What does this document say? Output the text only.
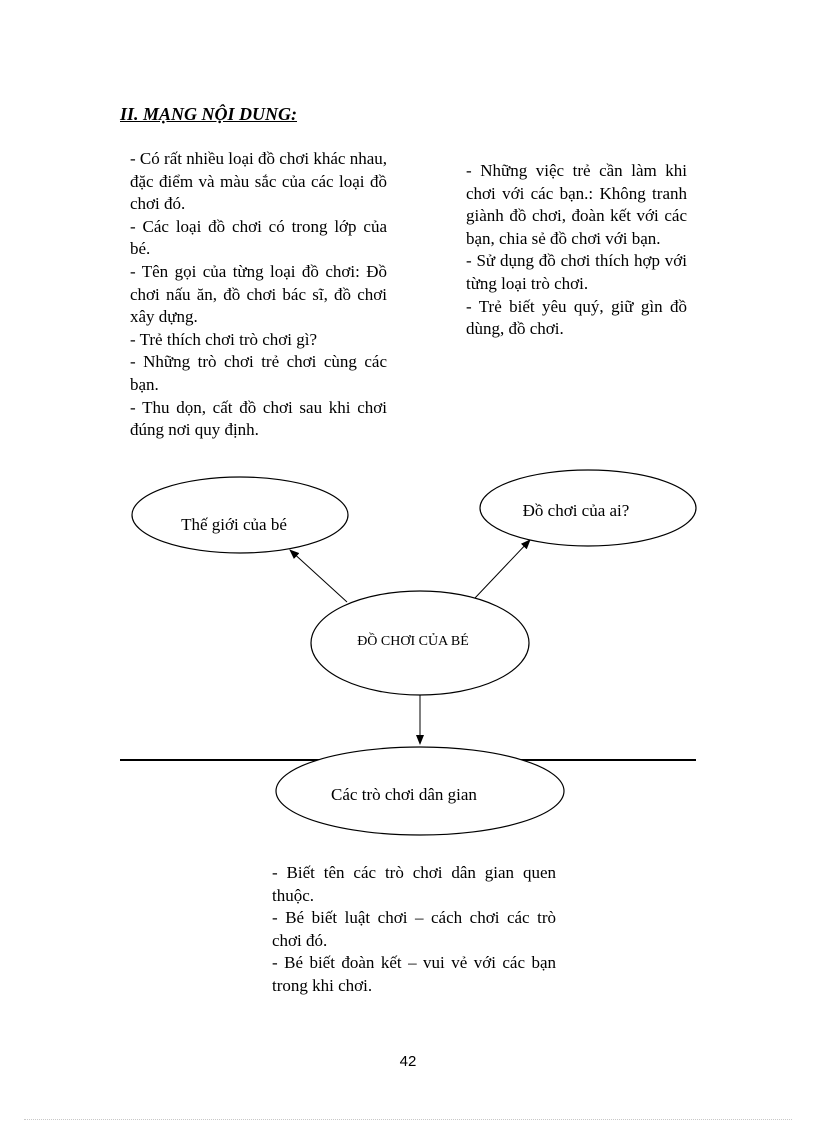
II. MẠNG NỘI DUNG:

- Có rất nhiều loại đồ chơi khác nhau, đặc điểm và màu sắc của các loại đồ chơi đó.

- Các loại đồ chơi có trong lớp của bé.

- Tên gọi của từng loại đồ chơi: Đồ chơi nấu ăn, đồ chơi bác sĩ, đồ chơi xây dựng.

- Trẻ thích chơi trò chơi gì?

- Những trò chơi trẻ chơi cùng các bạn.

- Thu dọn, cất đồ chơi sau khi chơi đúng nơi quy định.

- Những việc trẻ cần làm khi chơi với các bạn.: Không tranh giành đồ chơi, đoàn kết với các bạn, chia sẻ đồ chơi với bạn.

- Sử dụng đồ chơi thích hợp với từng loại trò chơi.

- Trẻ biết yêu quý, giữ gìn đồ dùng, đồ chơi.

Thế giới của bé
Đồ chơi của ai?
ĐỒ CHƠI CỦA BÉ
Các trò chơi dân gian

- Biết tên các trò chơi dân gian quen thuộc.

- Bé biết luật chơi – cách chơi các trò chơi đó.

- Bé biết đoàn kết – vui vẻ với các bạn trong khi chơi.

42
